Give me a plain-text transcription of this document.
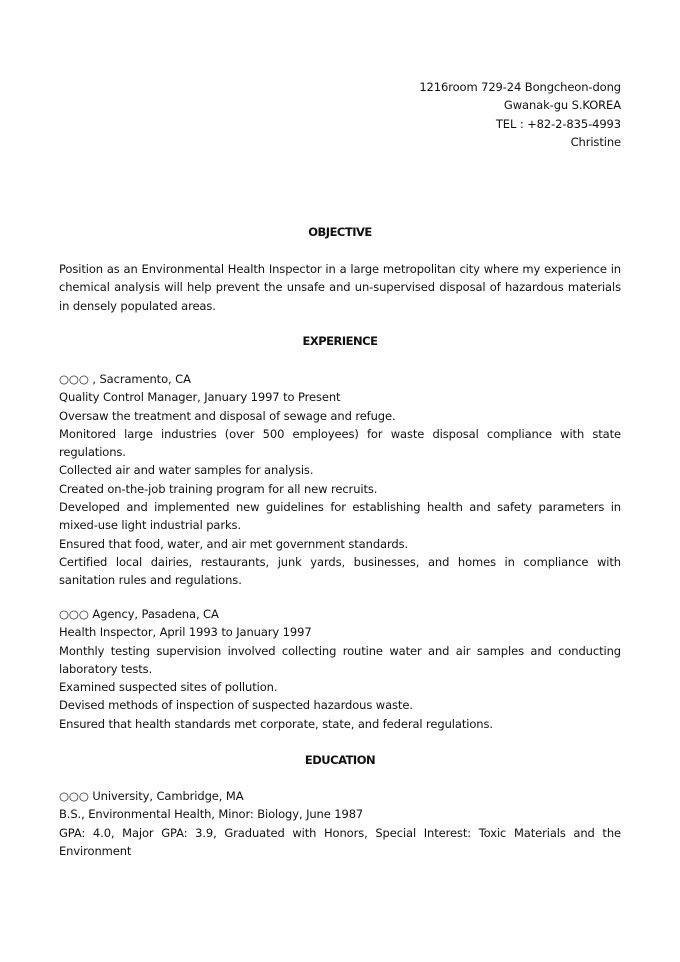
1216room 729-24 Bongcheon-dong
Gwanak-gu S.KOREA
TEL : +82-2-835-4993
Christine
OBJECTIVE
Position as an Environmental Health Inspector in a large metropolitan city where my experience in chemical analysis will help prevent the unsafe and un-supervised disposal of hazardous materials in densely populated areas.
EXPERIENCE
○○○ , Sacramento, CA
Quality Control Manager, January 1997 to Present
Oversaw the treatment and disposal of sewage and refuge.
Monitored large industries (over 500 employees) for waste disposal compliance with state regulations.
Collected air and water samples for analysis.
Created on-the-job training program for all new recruits.
Developed and implemented new guidelines for establishing health and safety parameters in mixed-use light industrial parks.
Ensured that food, water, and air met government standards.
Certified local dairies, restaurants, junk yards, businesses, and homes in compliance with sanitation rules and regulations.
○○○ Agency, Pasadena, CA
Health Inspector, April 1993 to January 1997
Monthly testing supervision involved collecting routine water and air samples and conducting laboratory tests.
Examined suspected sites of pollution.
Devised methods of inspection of suspected hazardous waste.
Ensured that health standards met corporate, state, and federal regulations.
EDUCATION
○○○ University, Cambridge, MA
B.S., Environmental Health, Minor: Biology, June 1987
GPA: 4.0, Major GPA: 3.9, Graduated with Honors, Special Interest: Toxic Materials and the Environment
